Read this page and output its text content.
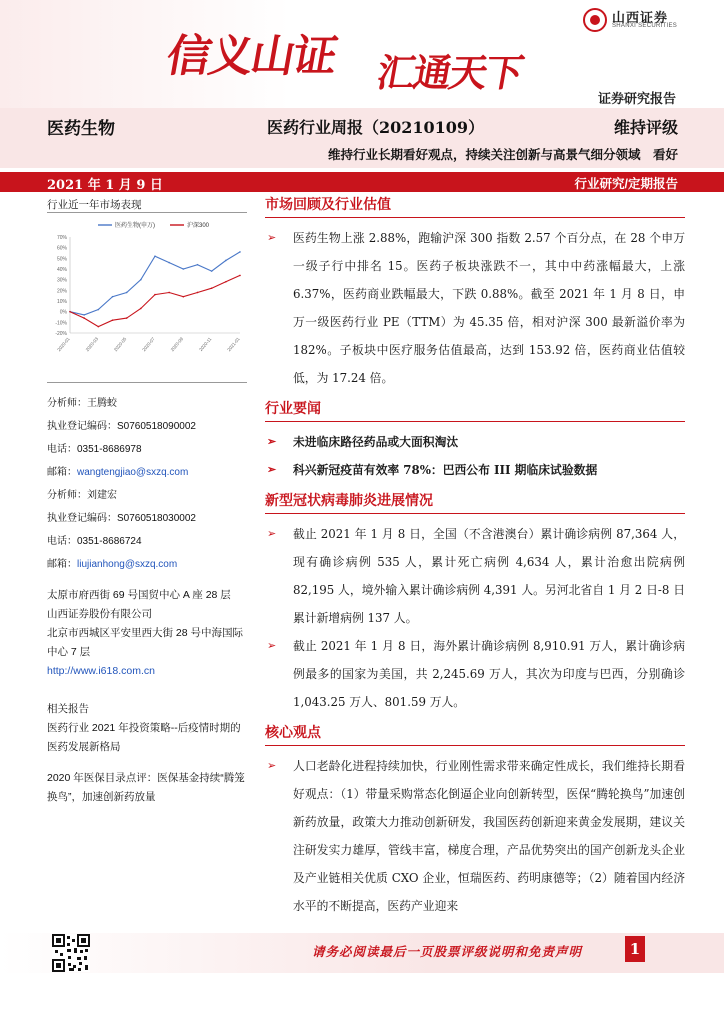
信义山证 汇通天下
山西证券
SHANXI SECURITIES
证券研究报告
医药生物	医药行业周报（20210109）	维持评级
维持行业长期看好观点，持续关注创新与高景气细分领域　看好
2021 年 1 月 9 日	行业研究/定期报告
行业近一年市场表现
-20%
-10%
0%
10%
20%
30%
40%
50%
60%
70%
2020-01	2020-03	2020-05	2020-07	2020-09	2020-11	2021-01
医药生物(申万)	沪深300
分析师：王腾蛟
执业登记编码：S0760518090002
电话：0351-8686978
邮箱：wangtengjiao@sxzq.com
分析师：刘建宏
执业登记编码：S0760518030002
电话：0351-8686724
邮箱：liujianhong@sxzq.com
太原市府西街 69 号国贸中心 A 座 28 层
山西证券股份有限公司
北京市西城区平安里西大街 28 号中海国际中心 7 层
http://www.i618.com.cn
相关报告
医药行业 2021 年投资策略--后疫情时期的医药发展新格局
2020 年医保目录点评：医保基金持续“腾笼换鸟”，加速创新药放量
市场回顾及行业估值
➢ 医药生物上涨 2.88%，跑输沪深 300 指数 2.57 个百分点，在 28 个申万一级子行中排名 15。医药子板块涨跌不一，其中中药涨幅最大，上涨 6.37%，医药商业跌幅最大，下跌 0.88%。截至 2021 年 1 月 8 日，申万一级医药行业 PE（TTM）为 45.35 倍，相对沪深 300 最新溢价率为 182%。子板块中医疗服务估值最高，达到 153.92 倍，医药商业估值较低，为 17.24 倍。
行业要闻
➢ 未进临床路径药品或大面积淘汰
➢ 科兴新冠疫苗有效率 78%：巴西公布 III 期临床试验数据
新型冠状病毒肺炎进展情况
➢ 截止 2021 年 1 月 8 日，全国（不含港澳台）累计确诊病例 87,364 人，现有确诊病例 535 人，累计死亡病例 4,634 人，累计治愈出院病例 82,195 人，境外输入累计确诊病例 4,391 人。另河北省自 1 月 2 日-8 日累计新增病例 137 人。
➢ 截止 2021 年 1 月 8 日，海外累计确诊病例 8,910.91 万人，累计确诊病例最多的国家为美国，共 2,245.69 万人，其次为印度与巴西，分别确诊 1,043.25 万人、801.59 万人。
核心观点
➢ 人口老龄化进程持续加快，行业刚性需求带来确定性成长，我们维持长期看好观点：（1）带量采购常态化倒逼企业向创新转型，医保“腾轮换鸟”加速创新药放量，政策大力推动创新研发，我国医药创新迎来黄金发展期，建议关注研发实力雄厚，管线丰富，梯度合理，产品优势突出的国产创新龙头企业及产业链相关优质 CXO 企业，恒瑞医药、药明康德等；（2）随着国内经济水平的不断提高，医药产业迎来
请务必阅读最后一页股票评级说明和免责声明	1
